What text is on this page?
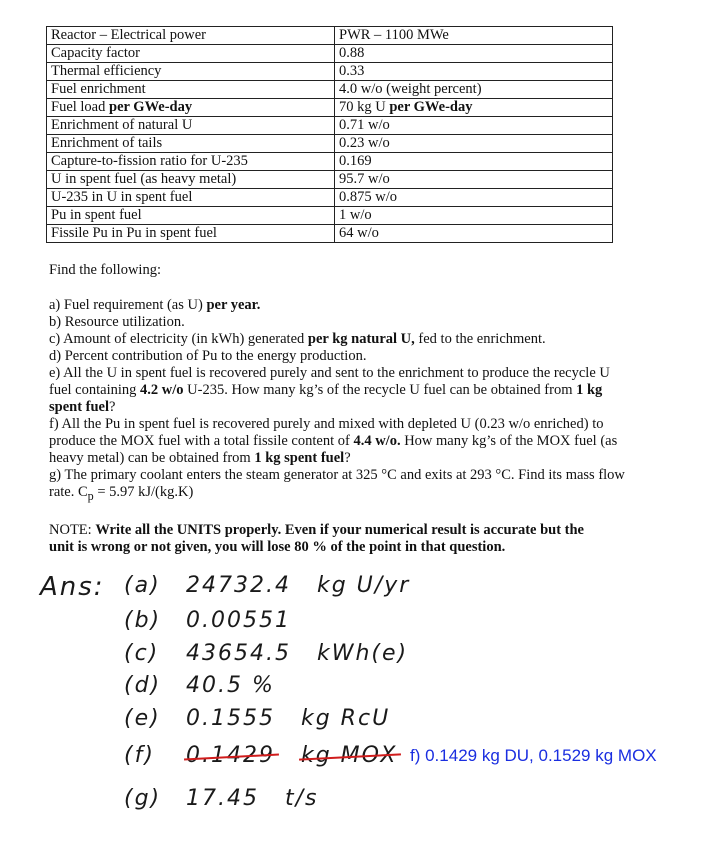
Reactor – Electrical power	PWR – 1100 MWe
Capacity factor	0.88
Thermal efficiency	0.33
Fuel enrichment	4.0 w/o (weight percent)
Fuel load per GWe-day	70 kg U per GWe-day
Enrichment of natural U	0.71 w/o
Enrichment of tails	0.23 w/o
Capture-to-fission ratio for U-235	0.169
U in spent fuel (as heavy metal)	95.7 w/o
U-235 in U in spent fuel	0.875 w/o
Pu in spent fuel	1 w/o
Fissile Pu in Pu in spent fuel	64 w/o
Find the following:

a) Fuel requirement (as U) per year.

b) Resource utilization.

c) Amount of electricity (in kWh) generated per kg natural U, fed to the enrichment.

d) Percent contribution of Pu to the energy production.

e) All the U in spent fuel is recovered purely and sent to the enrichment to produce the recycle U fuel containing 4.2 w/o U-235. How many kg’s of the recycle U fuel can be obtained from 1 kg spent fuel?

f) All the Pu in spent fuel is recovered purely and mixed with depleted U (0.23 w/o enriched) to produce the MOX fuel with a total fissile content of 4.4 w/o. How many kg’s of the MOX fuel (as heavy metal) can be obtained from 1 kg spent fuel?

g) The primary coolant enters the steam generator at 325 °C and exits at 293 °C. Find its mass flow rate. $C_p = 5.97$ kJ/(kg.K)

NOTE: Write all the UNITS properly. Even if your numerical result is accurate but the unit is wrong or not given, you will lose 80 % of the point in that question.
Ans: (a) 24732.4 kg U/yr
(b) 0.00551
(c) 43654.5 kWh(e)
(d) 40.5 %
(e) 0.1555 kg RcU
(f) 0.1429 kg MOX
(g) 17.45 t/s
f) 0.1429 kg DU, 0.1529 kg MOX
